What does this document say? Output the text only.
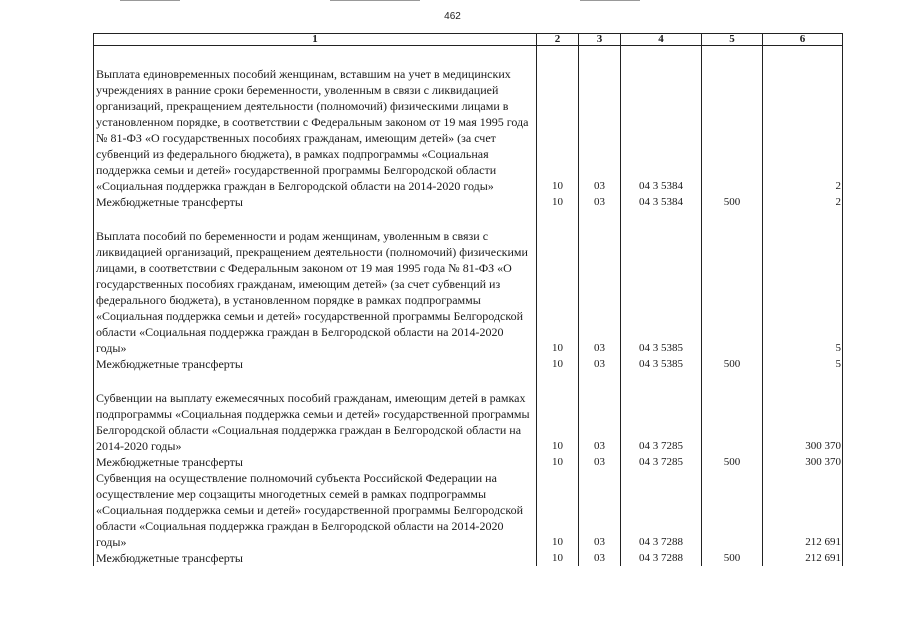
462
1	2	3	4	5	6
Выплата единовременных пособий женщинам, вставшим на учет в медицинских учреждениях в ранние сроки беременности, уволенным в связи с ликвидацией организаций, прекращением деятельности (полномочий) физическими лицами в установленном порядке, в соответствии с Федеральным законом от 19 мая 1995 года № 81-ФЗ «О государственных пособиях гражданам, имеющим детей» (за счет субвенций из федерального бюджета), в рамках подпрограммы «Социальная поддержка семьи и детей» государственной программы Белгородской области «Социальная поддержка граждан в Белгородской области на 2014-2020 годы»	10	03	04 3 5384		2
Межбюджетные трансферты	10	03	04 3 5384	500	2
Выплата пособий по беременности и родам женщинам, уволенным в связи с ликвидацией организаций, прекращением деятельности (полномочий) физическими лицами, в соответствии с Федеральным законом от 19 мая 1995 года № 81-ФЗ «О государственных пособиях гражданам, имеющим детей» (за счет субвенций из федерального бюджета), в установленном порядке в рамках подпрограммы «Социальная поддержка семьи и детей» государственной программы Белгородской области «Социальная поддержка граждан в Белгородской области на 2014-2020 годы»	10	03	04 3 5385		5
Межбюджетные трансферты	10	03	04 3 5385	500	5
Субвенции на выплату ежемесячных пособий гражданам, имеющим детей в рамках подпрограммы «Социальная поддержка семьи и детей» государственной программы Белгородской области «Социальная поддержка граждан в Белгородской области на 2014-2020 годы»	10	03	04 3 7285		300 370
Межбюджетные трансферты	10	03	04 3 7285	500	300 370
Субвенция на осуществление полномочий субъекта Российской Федерации на осуществление мер соцзащиты многодетных семей в рамках подпрограммы «Социальная поддержка семьи и детей» государственной программы Белгородской области «Социальная поддержка граждан в Белгородской области на 2014-2020 годы»	10	03	04 3 7288		212 691
Межбюджетные трансферты	10	03	04 3 7288	500	212 691
